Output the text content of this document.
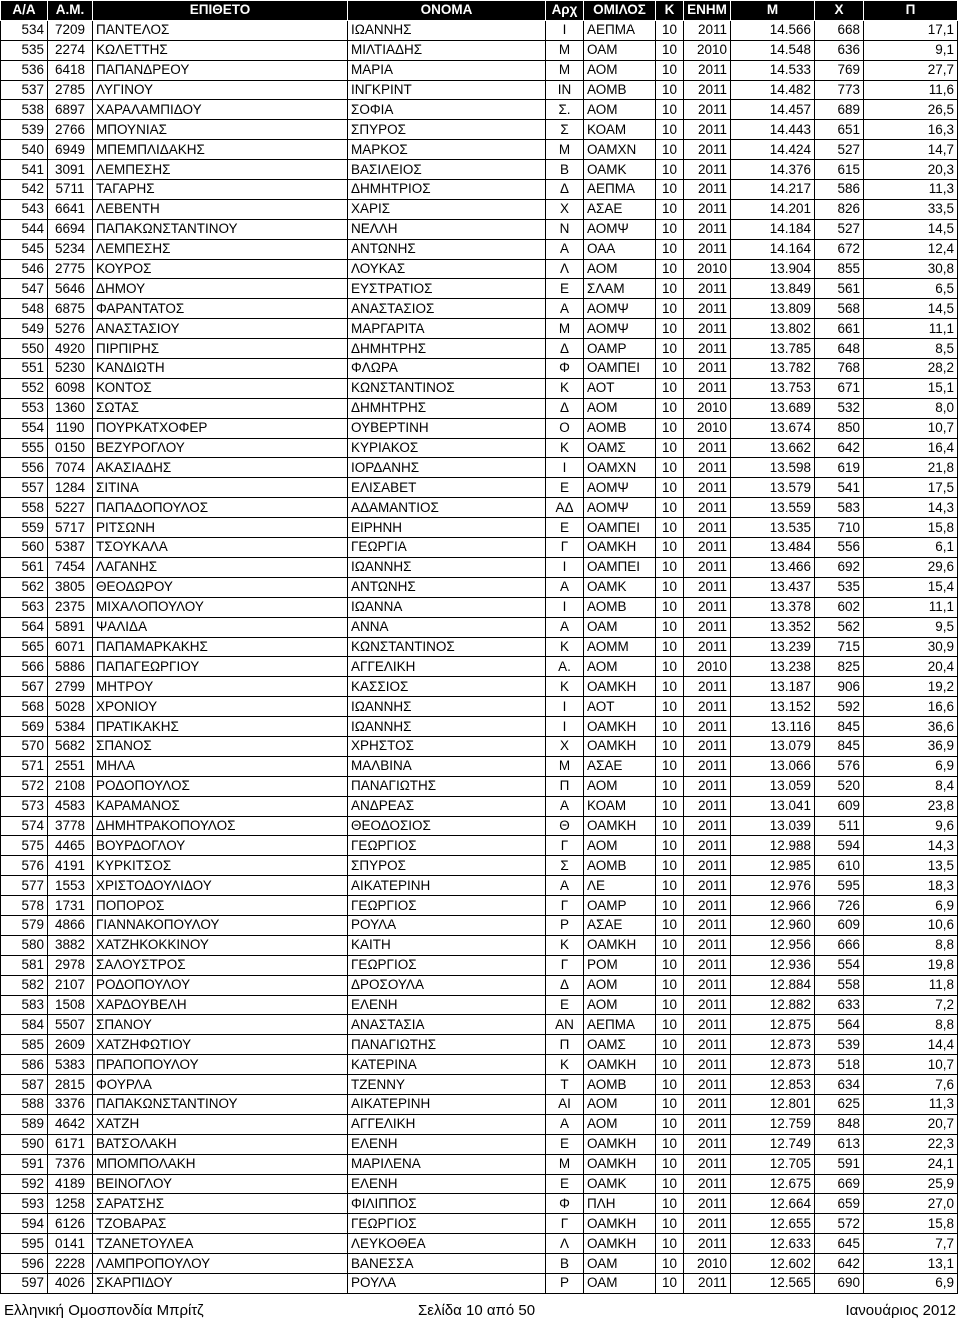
Α/Α	Α.Μ.	ΕΠΙΘΕΤΟ	ΟΝΟΜΑ	Αρχ	ΟΜΙΛΟΣ	Κ	ΕΝΗΜ	Μ	Χ	Π
534	7209	ΠΑΝΤΕΛΟΣ	ΙΩΑΝΝΗΣ	Ι	ΑΕΠΜΑ	10	2011	14.566	668	17,1
535	2274	ΚΩΛΕΤΤΗΣ	ΜΙΛΤΙΑΔΗΣ	Μ	ΟΑΜ	10	2010	14.548	636	9,1
536	6418	ΠΑΠΑΝΔΡΕΟΥ	ΜΑΡΙΑ	Μ	ΑΟΜ	10	2011	14.533	769	27,7
537	2785	ΛΥΓΙΝΟΥ	ΙΝΓΚΡΙΝΤ	ΙΝ	ΑΟΜΒ	10	2011	14.482	773	11,6
538	6897	ΧΑΡΑΛΑΜΠΙΔΟΥ	ΣΟΦΙΑ	Σ.	ΑΟΜ	10	2011	14.457	689	26,5
539	2766	ΜΠΟΥΝΙΑΣ	ΣΠΥΡΟΣ	Σ	ΚΟΑΜ	10	2011	14.443	651	16,3
540	6949	ΜΠΕΜΠΛΙΔΑΚΗΣ	ΜΑΡΚΟΣ	Μ	ΟΑΜΧΝ	10	2011	14.424	527	14,7
541	3091	ΛΕΜΠΕΣΗΣ	ΒΑΣΙΛΕΙΟΣ	Β	ΟΑΜΚ	10	2011	14.376	615	20,3
542	5711	ΤΑΓΑΡΗΣ	ΔΗΜΗΤΡΙΟΣ	Δ	ΑΕΠΜΑ	10	2011	14.217	586	11,3
543	6641	ΛΕΒΕΝΤΗ	ΧΑΡΙΣ	Χ	ΑΣΑΕ	10	2011	14.201	826	33,5
544	6694	ΠΑΠΑΚΩΝΣΤΑΝΤΙΝΟΥ	ΝΕΛΛΗ	Ν	ΑΟΜΨ	10	2011	14.184	527	14,5
545	5234	ΛΕΜΠΕΣΗΣ	ΑΝΤΩΝΗΣ	Α	ΟΑΑ	10	2011	14.164	672	12,4
546	2775	ΚΟΥΡΟΣ	ΛΟΥΚΑΣ	Λ	ΑΟΜ	10	2010	13.904	855	30,8
547	5646	ΔΗΜΟΥ	ΕΥΣΤΡΑΤΙΟΣ	Ε	ΣΛΑΜ	10	2011	13.849	561	6,5
548	6875	ΦΑΡΑΝΤΑΤΟΣ	ΑΝΑΣΤΑΣΙΟΣ	Α	ΑΟΜΨ	10	2011	13.809	568	14,5
549	5276	ΑΝΑΣΤΑΣΙΟΥ	ΜΑΡΓΑΡΙΤΑ	Μ	ΑΟΜΨ	10	2011	13.802	661	11,1
550	4920	ΠΙΡΠΙΡΗΣ	ΔΗΜΗΤΡΗΣ	Δ	ΟΑΜΡ	10	2011	13.785	648	8,5
551	5230	ΚΑΝΔΙΩΤΗ	ΦΛΩΡΑ	Φ	ΟΑΜΠΕΙ	10	2011	13.782	768	28,2
552	6098	ΚΟΝΤΟΣ	ΚΩΝΣΤΑΝΤΙΝΟΣ	Κ	ΑΟΤ	10	2011	13.753	671	15,1
553	1360	ΣΩΤΑΣ	ΔΗΜΗΤΡΗΣ	Δ	ΑΟΜ	10	2010	13.689	532	8,0
554	1190	ΠΟΥΡΚΑΤΧΟΦΕΡ	ΟΥΒΕΡΤΙΝΗ	Ο	ΑΟΜΒ	10	2010	13.674	850	10,7
555	0150	ΒΕΖΥΡΟΓΛΟΥ	ΚΥΡΙΑΚΟΣ	Κ	ΟΑΜΣ	10	2011	13.662	642	16,4
556	7074	ΑΚΑΣΙΑΔΗΣ	ΙΟΡΔΑΝΗΣ	Ι	ΟΑΜΧΝ	10	2011	13.598	619	21,8
557	1284	ΣΙΤΙΝΑ	ΕΛΙΣΑΒΕΤ	Ε	ΑΟΜΨ	10	2011	13.579	541	17,5
558	5227	ΠΑΠΑΔΟΠΟΥΛΟΣ	ΑΔΑΜΑΝΤΙΟΣ	ΑΔ	ΑΟΜΨ	10	2011	13.559	583	14,3
559	5717	ΡΙΤΣΩΝΗ	ΕΙΡΗΝΗ	Ε	ΟΑΜΠΕΙ	10	2011	13.535	710	15,8
560	5387	ΤΣΟΥΚΑΛΑ	ΓΕΩΡΓΙΑ	Γ	ΟΑΜΚΗ	10	2011	13.484	556	6,1
561	7454	ΛΑΓΑΝΗΣ	ΙΩΑΝΝΗΣ	Ι	ΟΑΜΠΕΙ	10	2011	13.466	692	29,6
562	3805	ΘΕΟΔΩΡΟΥ	ΑΝΤΩΝΗΣ	Α	ΟΑΜΚ	10	2011	13.437	535	15,4
563	2375	ΜΙΧΑΛΟΠΟΥΛΟΥ	ΙΩΑΝΝΑ	Ι	ΑΟΜΒ	10	2011	13.378	602	11,1
564	5891	ΨΑΛΙΔΑ	ΑΝΝΑ	Α	ΟΑΜ	10	2011	13.352	562	9,5
565	6071	ΠΑΠΑΜΑΡΚΑΚΗΣ	ΚΩΝΣΤΑΝΤΙΝΟΣ	Κ	ΑΟΜΜ	10	2011	13.239	715	30,9
566	5886	ΠΑΠΑΓΕΩΡΓΙΟΥ	ΑΓΓΕΛΙΚΗ	Α.	ΑΟΜ	10	2010	13.238	825	20,4
567	2799	ΜΗΤΡΟΥ	ΚΑΣΣΙΟΣ	Κ	ΟΑΜΚΗ	10	2011	13.187	906	19,2
568	5028	ΧΡΟΝΙΟΥ	ΙΩΑΝΝΗΣ	Ι	ΑΟΤ	10	2011	13.152	592	16,6
569	5384	ΠΡΑΤΙΚΑΚΗΣ	ΙΩΑΝΝΗΣ	Ι	ΟΑΜΚΗ	10	2011	13.116	845	36,6
570	5682	ΣΠΑΝΟΣ	ΧΡΗΣΤΟΣ	Χ	ΟΑΜΚΗ	10	2011	13.079	845	36,9
571	2551	ΜΗΛΑ	ΜΑΛΒΙΝΑ	Μ	ΑΣΑΕ	10	2011	13.066	576	6,9
572	2108	ΡΟΔΟΠΟΥΛΟΣ	ΠΑΝΑΓΙΩΤΗΣ	Π	ΑΟΜ	10	2011	13.059	520	8,4
573	4583	ΚΑΡΑΜΑΝΟΣ	ΑΝΔΡΕΑΣ	Α	ΚΟΑΜ	10	2011	13.041	609	23,8
574	3778	ΔΗΜΗΤΡΑΚΟΠΟΥΛΟΣ	ΘΕΟΔΟΣΙΟΣ	Θ	ΟΑΜΚΗ	10	2011	13.039	511	9,6
575	4465	ΒΟΥΡΔΟΓΛΟΥ	ΓΕΩΡΓΙΟΣ	Γ	ΑΟΜ	10	2011	12.988	594	14,3
576	4191	ΚΥΡΚΙΤΣΟΣ	ΣΠΥΡΟΣ	Σ	ΑΟΜΒ	10	2011	12.985	610	13,5
577	1553	ΧΡΙΣΤΟΔΟΥΛΙΔΟΥ	ΑΙΚΑΤΕΡΙΝΗ	Α	ΛΕ	10	2011	12.976	595	18,3
578	1731	ΠΟΠΟΡΟΣ	ΓΕΩΡΓΙΟΣ	Γ	ΟΑΜΡ	10	2011	12.966	726	6,9
579	4866	ΓΙΑΝΝΑΚΟΠΟΥΛΟΥ	ΡΟΥΛΑ	Ρ	ΑΣΑΕ	10	2011	12.960	609	10,6
580	3882	ΧΑΤΖΗΚΟΚΚΙΝΟΥ	ΚΑΙΤΗ	Κ	ΟΑΜΚΗ	10	2011	12.956	666	8,8
581	2978	ΣΑΛΟΥΣΤΡΟΣ	ΓΕΩΡΓΙΟΣ	Γ	ΡΟΜ	10	2011	12.936	554	19,8
582	2107	ΡΟΔΟΠΟΥΛΟΥ	ΔΡΟΣΟΥΛΑ	Δ	ΑΟΜ	10	2011	12.884	558	11,8
583	1508	ΧΑΡΔΟΥΒΕΛΗ	ΕΛΕΝΗ	Ε	ΑΟΜ	10	2011	12.882	633	7,2
584	5507	ΣΠΑΝΟΥ	ΑΝΑΣΤΑΣΙΑ	ΑΝ	ΑΕΠΜΑ	10	2011	12.875	564	8,8
585	2609	ΧΑΤΖΗΦΩΤΙΟΥ	ΠΑΝΑΓΙΩΤΗΣ	Π	ΟΑΜΣ	10	2011	12.873	539	14,4
586	5383	ΠΡΑΠΟΠΟΥΛΟΥ	ΚΑΤΕΡΙΝΑ	Κ	ΟΑΜΚΗ	10	2011	12.873	518	10,7
587	2815	ΦΟΥΡΛΑ	ΤΖΕΝΝΥ	Τ	ΑΟΜΒ	10	2011	12.853	634	7,6
588	3376	ΠΑΠΑΚΩΝΣΤΑΝΤΙΝΟΥ	ΑΙΚΑΤΕΡΙΝΗ	ΑΙ	ΑΟΜ	10	2011	12.801	625	11,3
589	4642	ΧΑΤΖΗ	ΑΓΓΕΛΙΚΗ	Α	ΑΟΜ	10	2011	12.759	848	20,7
590	6171	ΒΑΤΣΟΛΑΚΗ	ΕΛΕΝΗ	Ε	ΟΑΜΚΗ	10	2011	12.749	613	22,3
591	7376	ΜΠΟΜΠΟΛΑΚΗ	ΜΑΡΙΛΕΝΑ	Μ	ΟΑΜΚΗ	10	2011	12.705	591	24,1
592	4189	ΒΕΙΝΟΓΛΟΥ	ΕΛΕΝΗ	Ε	ΟΑΜΚ	10	2011	12.675	669	25,9
593	1258	ΣΑΡΑΤΣΗΣ	ΦΙΛΙΠΠΟΣ	Φ	ΠΛΗ	10	2011	12.664	659	27,0
594	6126	ΤΖΟΒΑΡΑΣ	ΓΕΩΡΓΙΟΣ	Γ	ΟΑΜΚΗ	10	2011	12.655	572	15,8
595	0141	ΤΖΑΝΕΤΟΥΛΕΑ	ΛΕΥΚΟΘΕΑ	Λ	ΟΑΜΚΗ	10	2011	12.633	645	7,7
596	2228	ΛΑΜΠΡΟΠΟΥΛΟΥ	ΒΑΝΕΣΣΑ	Β	ΟΑΜ	10	2010	12.602	642	13,1
597	4026	ΣΚΑΡΠΙΔΟΥ	ΡΟΥΛΑ	Ρ	ΟΑΜ	10	2011	12.565	690	6,9
Ελληνική Ομοσπονδία Μπρίτζ	Σελίδα 10 από 50	Ιανουάριος 2012
